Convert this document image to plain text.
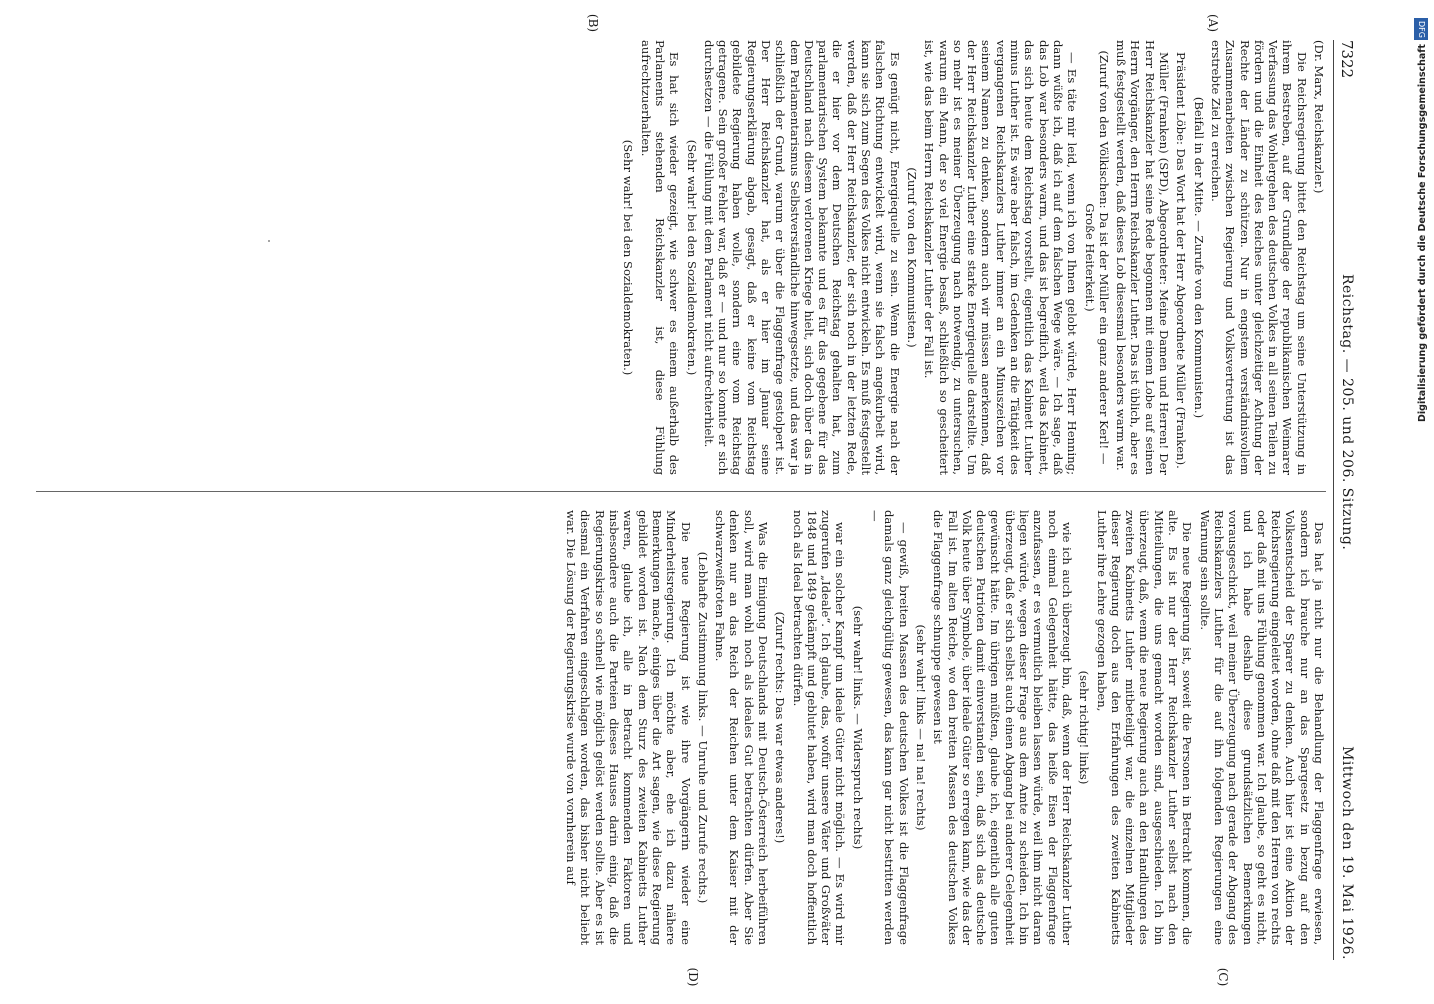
7322
Reichstag. — 205. und 206. Sitzung.
Mittwoch den 19. Mai 1926.

(Dr. Marx, Reichskanzler.)

Die Reichsregierung bittet den Reichstag um seine Unterstützung in ihrem Bestreben, auf der Grundlage der republikanischen Weimarer Verfassung das Wohlergehen des deutschen Volkes in all seinen Teilen zu fördern und die Einheit des Reiches unter gleichzeitiger Achtung der Rechte der Länder zu schützen. Nur in engstem verständnisvollem Zusammenarbeiten zwischen Regierung und Volksvertretung ist das erstrebte Ziel zu erreichen.

(Beifall in der Mitte. — Zurufe von den Kommunisten.)

Präsident Löbe: Das Wort hat der Herr Abgeordnete Müller (Franken).

Müller (Franken) (SPD), Abgeordneter: Meine Damen und Herren! Der Herr Reichskanzler hat seine Rede begonnen mit einem Lobe auf seinen Herrn Vorgänger, den Herrn Reichskanzler Luther. Das ist üblich, aber es muß festgestellt werden, daß dieses Lob diesesmal besonders warm war.

(Zuruf von den Völkischen: Da ist der Müller ein ganz anderer Kerl! — Große Heiterkeit.)

— Es täte mir leid, wenn ich von Ihnen gelobt würde, Herr Henning; dann wüßte ich, daß ich auf dem falschen Wege wäre. — Ich sage, daß das Lob war besonders warm, und das ist begreiflich, weil das Kabinett, das sich heute dem Reichstag vorstellt, eigentlich das Kabinett Luther minus Luther ist. Es wäre aber falsch, im Gedenken an die Tätigkeit des vergangenen Reichskanzlers Luther immer an ein Minuszeichen vor seinem Namen zu denken, sondern auch wir müssen anerkennen, daß der Herr Reichskanzler Luther eine starke Energiequelle darstellte. Um so mehr ist es meiner Überzeugung nach notwendig, zu untersuchen, warum ein Mann, der so viel Energie besaß, schließlich so gescheitert ist, wie das beim Herrn Reichskanzler Luther der Fall ist.

(Zuruf von den Kommunisten.)

Es genügt nicht, Energiequelle zu sein. Wenn die Energie nach der falschen Richtung entwickelt wird, wenn sie falsch angekurbelt wird, kann sie sich zum Segen des Volkes nicht entwickeln. Es muß festgestellt werden, daß der Herr Reichskanzler, der sich noch in der letzten Rede, die er hier vor dem Deutschen Reichstag gehalten hat, zum parlamentarischen System bekannte und es für das gegebene für das Deutschland nach diesem verlorenen Kriege hielt, sich doch über das in dem Parlamentarismus Selbstverständliche hinwegsetzte, und das war ja schließlich der Grund, warum er über die Flaggenfrage gestolpert ist. Der Herr Reichskanzler hat, als er hier im Januar seine Regierungserklärung abgab, gesagt, daß er keine vom Reichstag gebildete Regierung haben wolle, sondern eine vom Reichstag getragene. Sein großer Fehler war, daß er — und nur so konnte er sich durchsetzen — die Fühlung mit dem Parlament nicht aufrechterhielt.

(Sehr wahr! bei den Sozialdemokraten.)

Es hat sich wieder gezeigt, wie schwer es einem außerhalb des Parlaments stehenden Reichskanzler ist, diese Fühlung aufrechtzuerhalten.

(Sehr wahr! bei den Sozialdemokraten.)

Das hat ja nicht nur die Behandlung der Flaggenfrage erwiesen, sondern ich brauche nur an das Spargesetz in bezug auf den Volksentscheid der Sparer zu denken. Auch hier ist eine Aktion der Reichsregierung eingeleitet worden, ohne daß mit den Herren von rechts oder daß mit uns Fühlung genommen war. Ich glaube, so geht es nicht, und ich habe deshalb diese grundsätzlichen Bemerkungen vorausgeschickt, weil meiner Überzeugung nach gerade der Abgang des Reichskanzlers Luther für die auf ihn folgenden Regierungen eine Warnung sein sollte.

Die neue Regierung ist, soweit die Personen in Betracht kommen, die alte. Es ist nur der Herr Reichskanzler Luther selbst nach den Mitteilungen, die uns gemacht worden sind, ausgeschieden. Ich bin überzeugt, daß, wenn die neue Regierung auch an den Handlungen des zweiten Kabinetts Luther mitbeteiligt war, die einzelnen Mitglieder dieser Regierung doch aus den Erfahrungen des zweiten Kabinetts Luther ihre Lehre gezogen haben,

(sehr richtig! links)

wie ich auch überzeugt bin, daß, wenn der Herr Reichskanzler Luther noch einmal Gelegenheit hätte, das heiße Eisen der Flaggenfrage anzufassen, er es vermutlich bleiben lassen würde, weil ihm nicht daran liegen würde, wegen dieser Frage aus dem Amte zu scheiden. Ich bin überzeugt, daß er sich selbst auch einen Abgang bei anderer Gelegenheit gewünscht hätte. Im übrigen müßten, glaube ich, eigentlich alle guten deutschen Patrioten damit einverstanden sein, daß sich das deutsche Volk heute über Symbole, über ideale Güter so erregen kann, wie das der Fall ist. Im alten Reiche, wo den breiten Massen des deutschen Volkes die Flaggenfrage schnuppe gewesen ist

(sehr wahr! links — na! na! rechts)

— gewiß, breiten Massen des deutschen Volkes ist die Flaggenfrage damals ganz gleichgültig gewesen, das kann gar nicht bestritten werden —

(sehr wahr! links. — Widerspruch rechts)

war ein solcher Kampf um ideale Güter nicht möglich. — Es wird mir zugerufen „Ideale“. Ich glaube, das, wofür unsere Väter und Großväter 1848 und 1849 gekämpft und geblutet haben, wird man doch hoffentlich noch als Ideal betrachten dürfen.

(Zuruf rechts: Das war etwas anderes!)

Was die Einigung Deutschlands mit Deutsch-Österreich herbeiführen soll, wird man wohl noch als ideales Gut betrachten dürfen. Aber Sie denken nur an das Reich der Reichen unter dem Kaiser mit der schwarzweißroten Fahne.

(Lebhafte Zustimmung links. — Unruhe und Zurufe rechts.)

Die neue Regierung ist wie ihre Vorgängerin wieder eine Minderheitsregierung. Ich möchte aber, ehe ich dazu nähere Bemerkungen mache, einiges über die Art sagen, wie diese Regierung gebildet worden ist. Nach dem Sturz des zweiten Kabinetts Luther waren, glaube ich, alle in Betracht kommenden Faktoren und insbesondere auch die Parteien dieses Hauses darin einig, daß die Regierungskrise so schnell wie möglich gelöst werden sollte. Aber es ist diesmal ein Verfahren eingeschlagen worden, das bisher nicht beliebt war. Die Lösung der Regierungskrise wurde von vornherein auf

(A)
(B)
(C)
(D)
DFG
Digitalisierung gefördert durch die Deutsche Forschungsgemeinschaft
